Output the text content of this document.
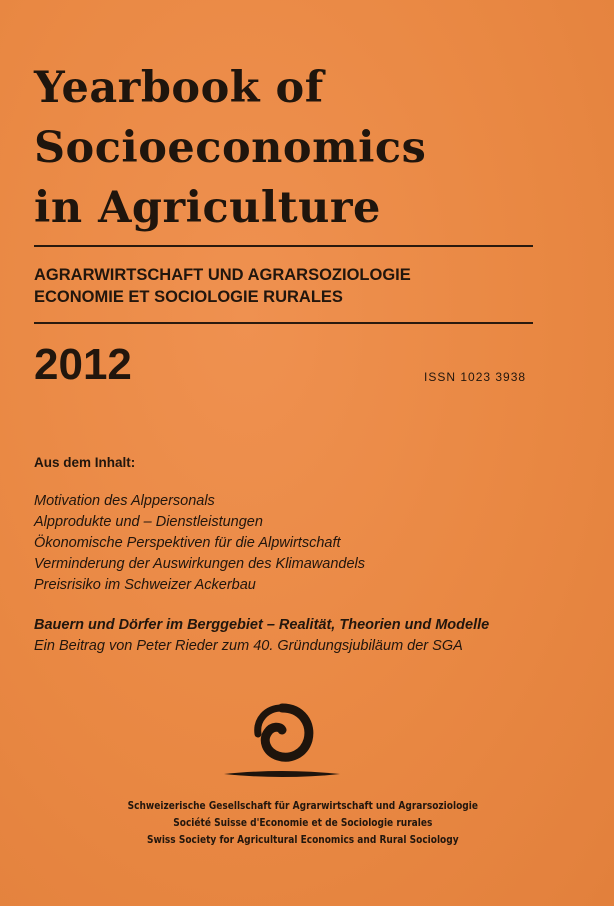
Yearbook of
Socioeconomics
in Agriculture
AGRARWIRTSCHAFT UND AGRARSOZIOLOGIE
ECONOMIE ET SOCIOLOGIE RURALES
2012	ISSN 1023 3938
Aus dem Inhalt:
Motivation des Alppersonals
Alpprodukte und – Dienstleistungen
Ökonomische Perspektiven für die Alpwirtschaft
Verminderung der Auswirkungen des Klimawandels
Preisrisiko im Schweizer Ackerbau
Bauern und Dörfer im Berggebiet – Realität, Theorien und Modelle
Ein Beitrag von Peter Rieder zum 40. Gründungsjubiläum der SGA
Schweizerische Gesellschaft für Agrarwirtschaft und Agrarsoziologie
Société Suisse d'Economie et de Sociologie rurales
Swiss Society for Agricultural Economics and Rural Sociology
